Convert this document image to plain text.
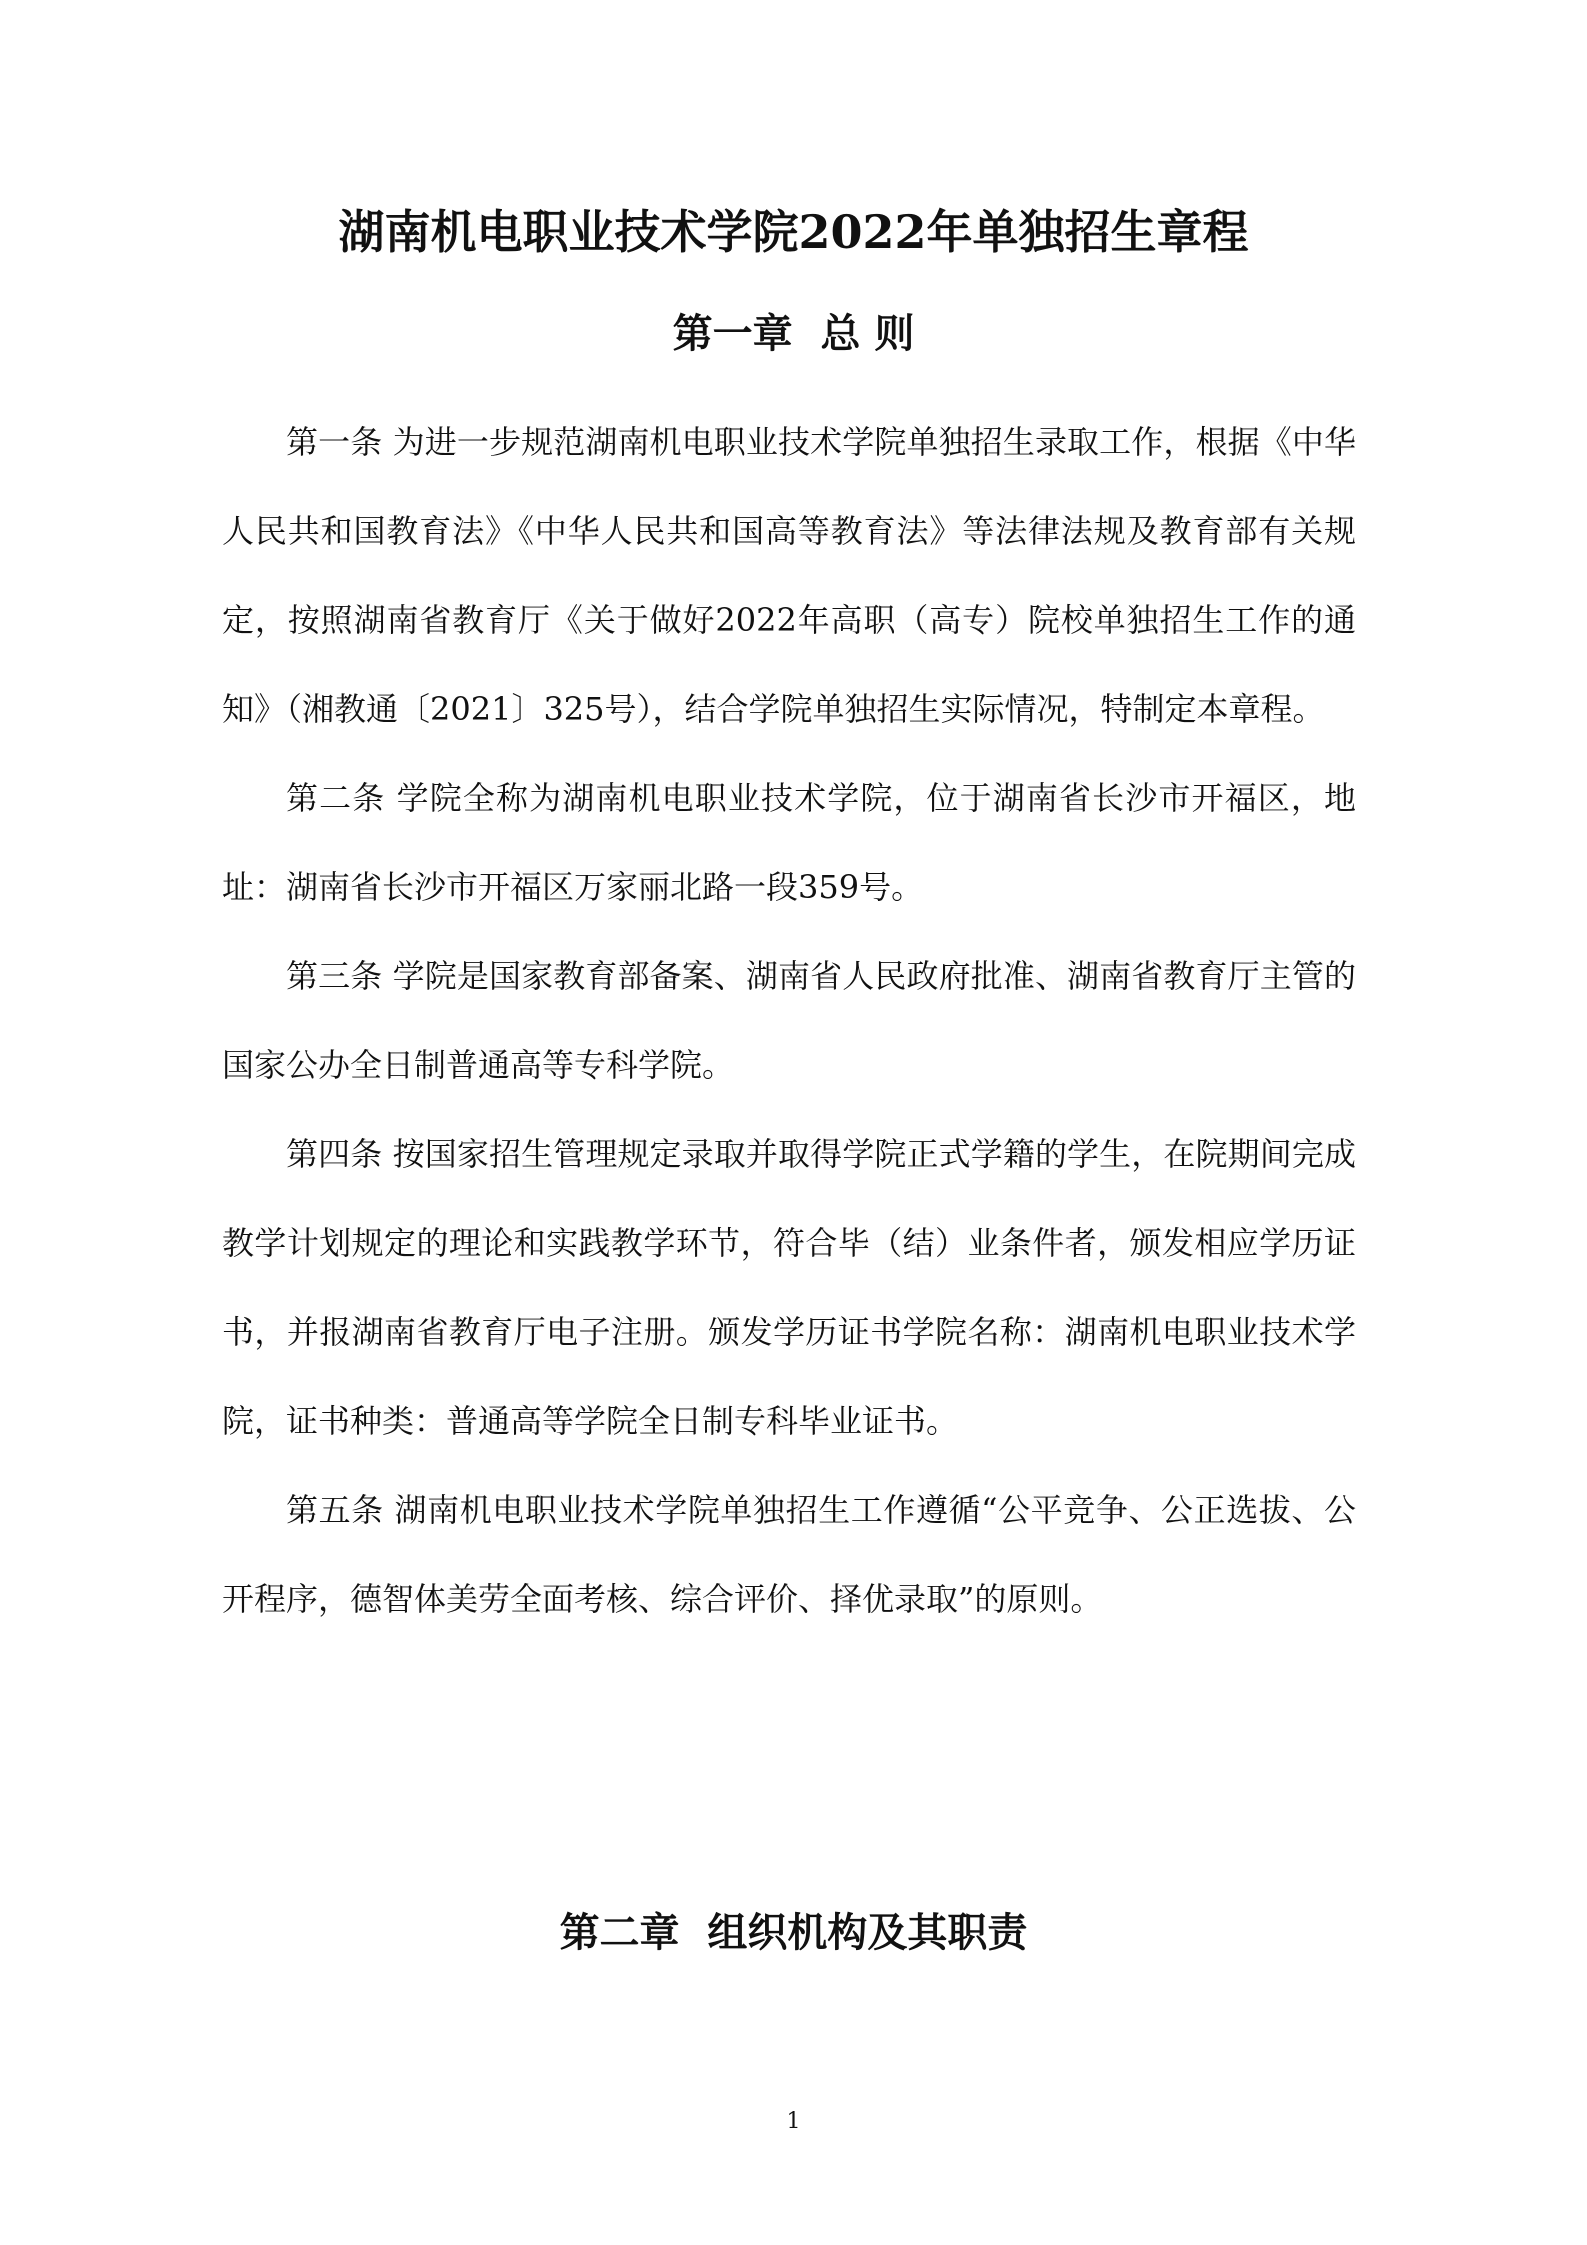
湖南机电职业技术学院2022年单独招生章程
第一章  总 则

第一条 为进一步规范湖南机电职业技术学院单独招生录取工作，根据《中华人民共和国教育法》《中华人民共和国高等教育法》等法律法规及教育部有关规定，按照湖南省教育厅《关于做好2022年高职（高专）院校单独招生工作的通知》（湘教通〔2021〕325号），结合学院单独招生实际情况，特制定本章程。

第二条 学院全称为湖南机电职业技术学院，位于湖南省长沙市开福区，地址：湖南省长沙市开福区万家丽北路一段359号。

第三条 学院是国家教育部备案、湖南省人民政府批准、湖南省教育厅主管的国家公办全日制普通高等专科学院。

第四条 按国家招生管理规定录取并取得学院正式学籍的学生，在院期间完成教学计划规定的理论和实践教学环节，符合毕（结）业条件者，颁发相应学历证书，并报湖南省教育厅电子注册。颁发学历证书学院名称：湖南机电职业技术学院，证书种类：普通高等学院全日制专科毕业证书。

第五条 湖南机电职业技术学院单独招生工作遵循“公平竞争、公正选拔、公开程序，德智体美劳全面考核、综合评价、择优录取”的原则。

第二章  组织机构及其职责
1
